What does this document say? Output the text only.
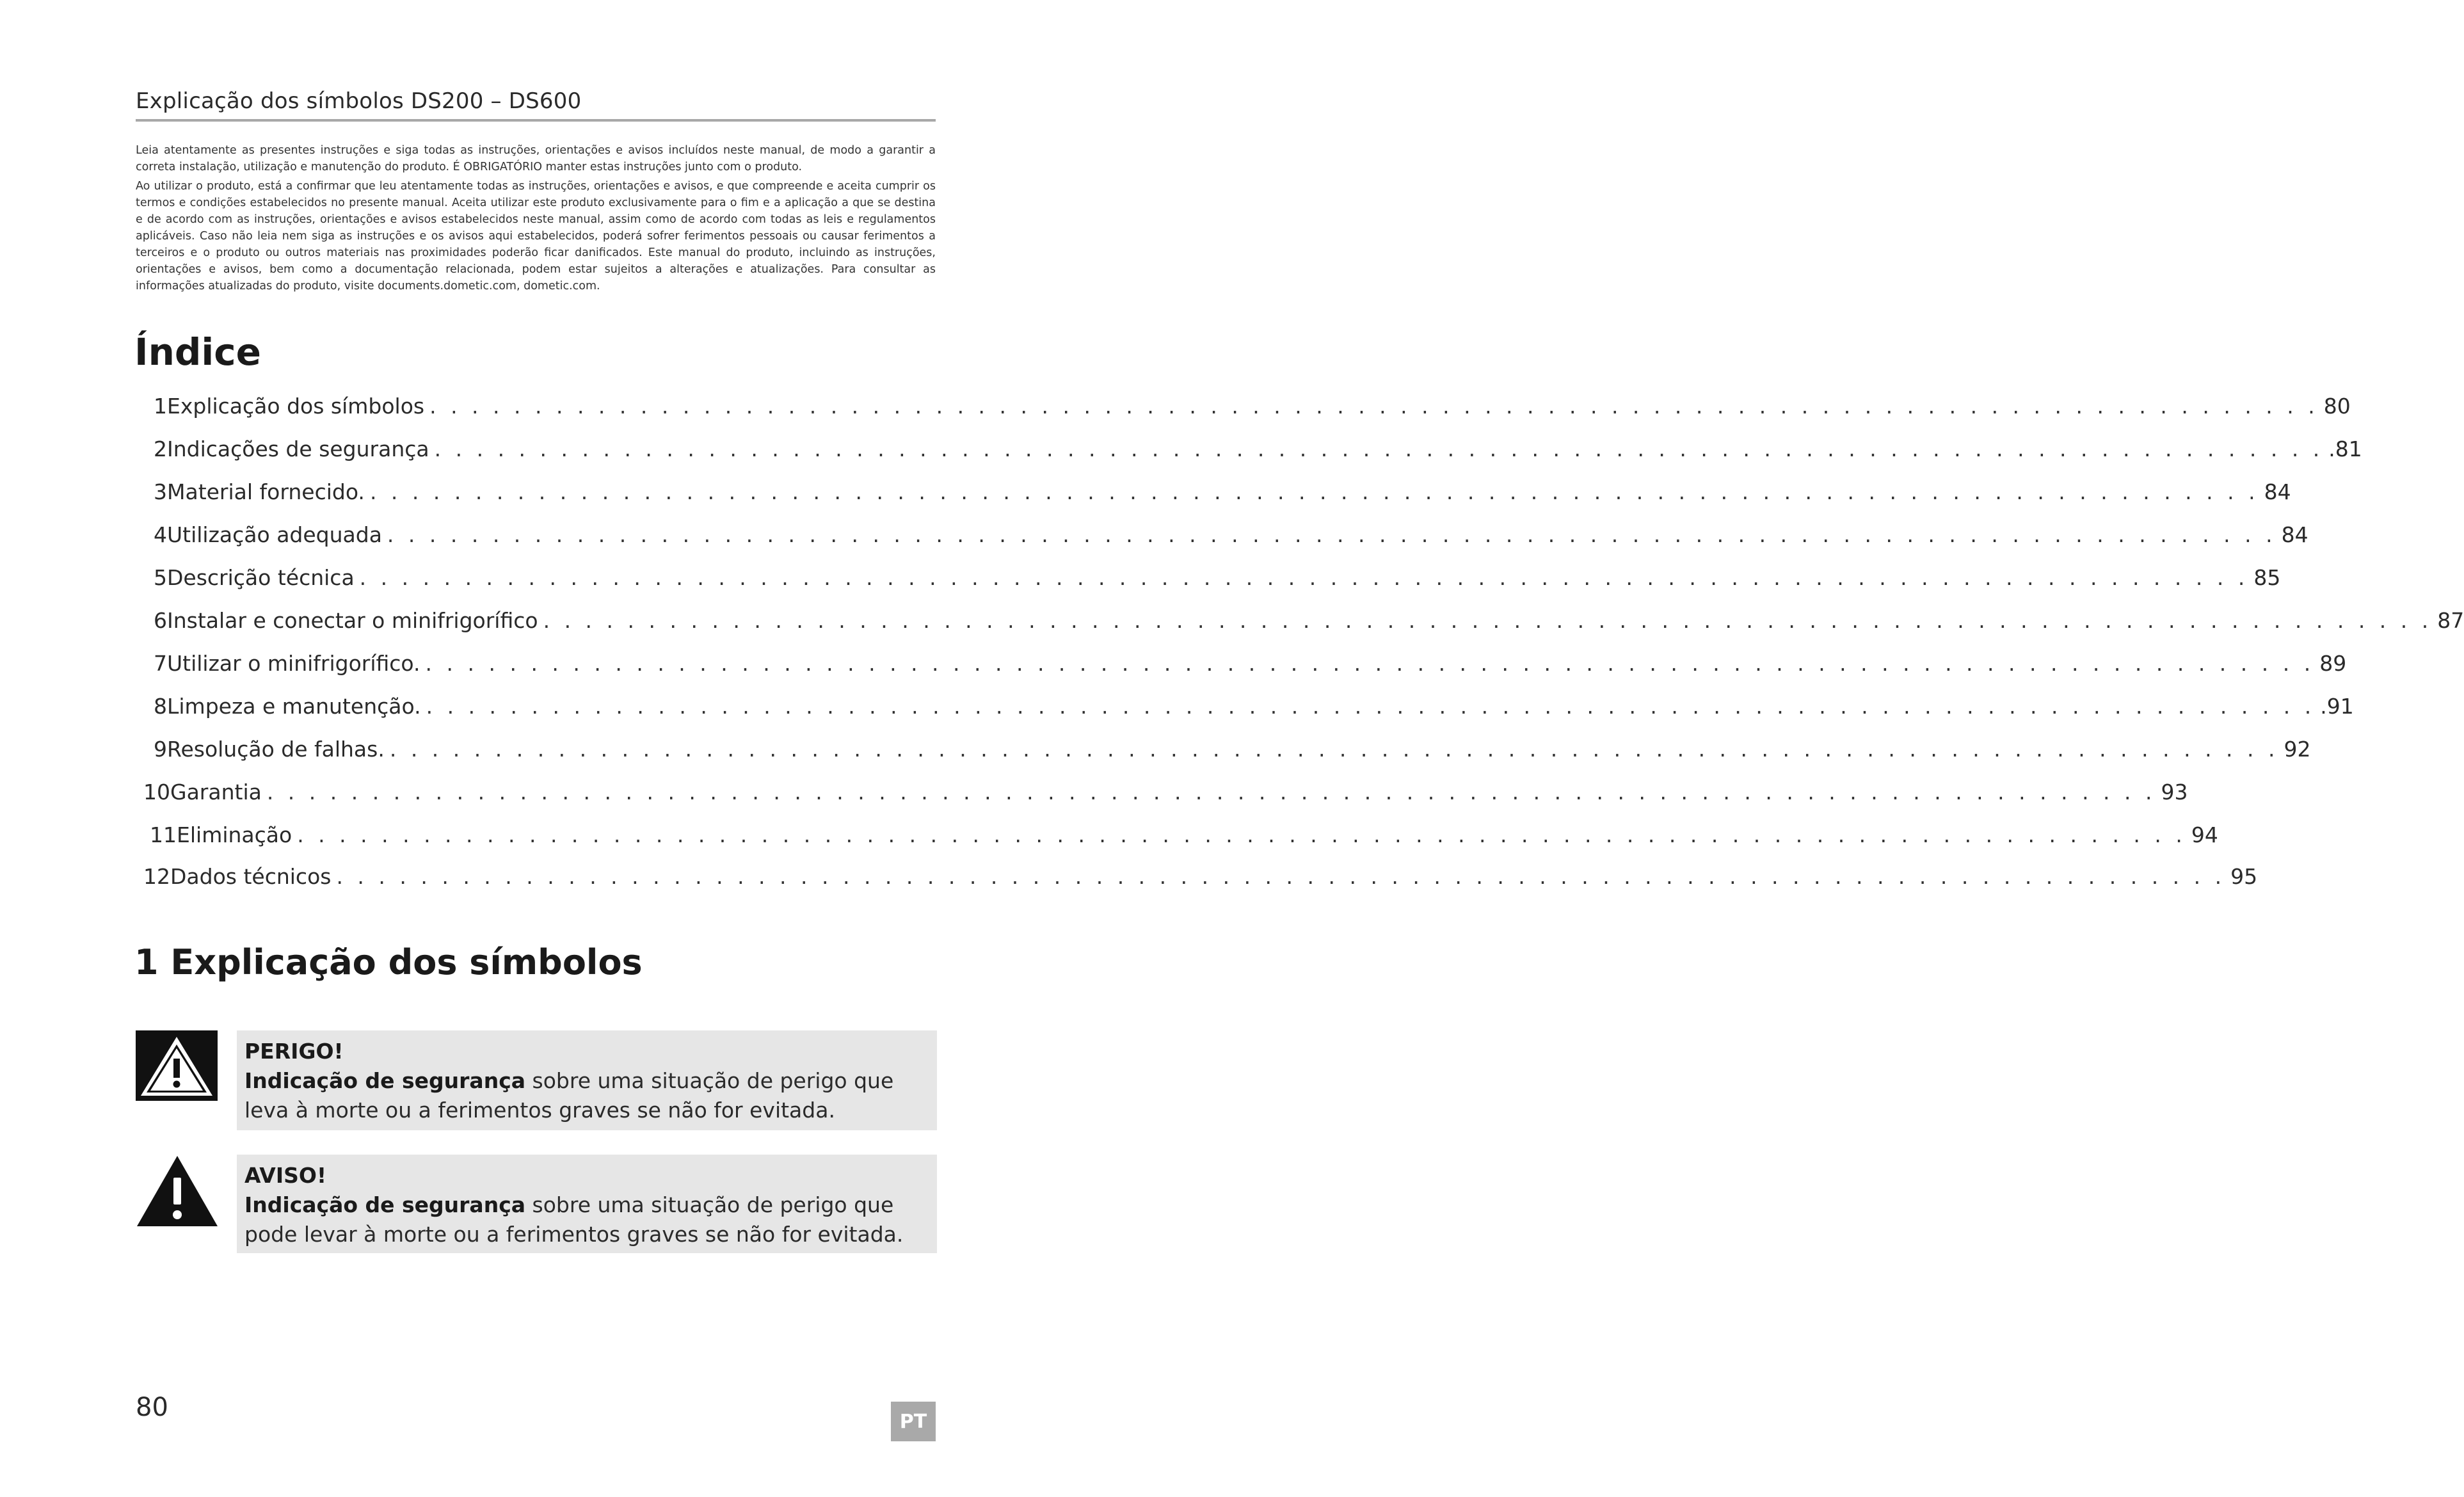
Explicação dos símbolos DS200 – DS600

Leia atentamente as presentes instruções e siga todas as instruções, orientações e avisos incluídos neste manual, de modo a garantir a correta instalação, utilização e manutenção do produto. É OBRIGATÓRIO manter estas instruções junto com o produto.

Ao utilizar o produto, está a confirmar que leu atentamente todas as instruções, orientações e avisos, e que compreende e aceita cumprir os termos e condições estabelecidos no presente manual. Aceita utilizar este produto exclusivamente para o fim e a aplicação a que se destina e de acordo com as instruções, orientações e avisos estabelecidos neste manual, assim como de acordo com todas as leis e regulamentos aplicáveis. Caso não leia nem siga as instruções e os avisos aqui estabelecidos, poderá sofrer ferimentos pessoais ou causar ferimentos a terceiros e o produto ou outros materiais nas proximidades poderão ficar danificados. Este manual do produto, incluindo as instruções, orientações e avisos, bem como a documentação relacionada, podem estar sujeitos a alterações e atualizações. Para consultar as informações atualizadas do produto, visite documents.dometic.com, dometic.com.

Índice
1 Explicação dos símbolos . . . . . . . . . . . . . . . . . . . . . . . . . . . . . . . . . . . . . . . . . . . . . . . . . . . . . . . . . . . . . . . . . . . . . . . . . . . . . . . . . . . . . . . . . . 80
2 Indicações de segurança . . . . . . . . . . . . . . . . . . . . . . . . . . . . . . . . . . . . . . . . . . . . . . . . . . . . . . . . . . . . . . . . . . . . . . . . . . . . . . . . . . . . . . . . . . .81
3 Material fornecido. . . . . . . . . . . . . . . . . . . . . . . . . . . . . . . . . . . . . . . . . . . . . . . . . . . . . . . . . . . . . . . . . . . . . . . . . . . . . . . . . . . . . . . . . . . 84
4 Utilização adequada . . . . . . . . . . . . . . . . . . . . . . . . . . . . . . . . . . . . . . . . . . . . . . . . . . . . . . . . . . . . . . . . . . . . . . . . . . . . . . . . . . . . . . . . . . 84
5 Descrição técnica . . . . . . . . . . . . . . . . . . . . . . . . . . . . . . . . . . . . . . . . . . . . . . . . . . . . . . . . . . . . . . . . . . . . . . . . . . . . . . . . . . . . . . . . . . 85
6 Instalar e conectar o minifrigorífico . . . . . . . . . . . . . . . . . . . . . . . . . . . . . . . . . . . . . . . . . . . . . . . . . . . . . . . . . . . . . . . . . . . . . . . . . . . . . . . . . . . . . . . . . . 87
7 Utilizar o minifrigorífico. . . . . . . . . . . . . . . . . . . . . . . . . . . . . . . . . . . . . . . . . . . . . . . . . . . . . . . . . . . . . . . . . . . . . . . . . . . . . . . . . . . . . . . . . . . 89
8 Limpeza e manutenção. . . . . . . . . . . . . . . . . . . . . . . . . . . . . . . . . . . . . . . . . . . . . . . . . . . . . . . . . . . . . . . . . . . . . . . . . . . . . . . . . . . . . . . . . . . .91
9 Resolução de falhas. . . . . . . . . . . . . . . . . . . . . . . . . . . . . . . . . . . . . . . . . . . . . . . . . . . . . . . . . . . . . . . . . . . . . . . . . . . . . . . . . . . . . . . . . . . 92
10 Garantia . . . . . . . . . . . . . . . . . . . . . . . . . . . . . . . . . . . . . . . . . . . . . . . . . . . . . . . . . . . . . . . . . . . . . . . . . . . . . . . . . . . . . . . . . . 93
11 Eliminação . . . . . . . . . . . . . . . . . . . . . . . . . . . . . . . . . . . . . . . . . . . . . . . . . . . . . . . . . . . . . . . . . . . . . . . . . . . . . . . . . . . . . . . . . . 94
12 Dados técnicos . . . . . . . . . . . . . . . . . . . . . . . . . . . . . . . . . . . . . . . . . . . . . . . . . . . . . . . . . . . . . . . . . . . . . . . . . . . . . . . . . . . . . . . . . . 95
1 Explicação dos símbolos
PERIGO!
Indicação de segurança sobre uma situação de perigo que leva à morte ou a ferimentos graves se não for evitada.
AVISO!
Indicação de segurança sobre uma situação de perigo que pode levar à morte ou a ferimentos graves se não for evitada.
80	PT
